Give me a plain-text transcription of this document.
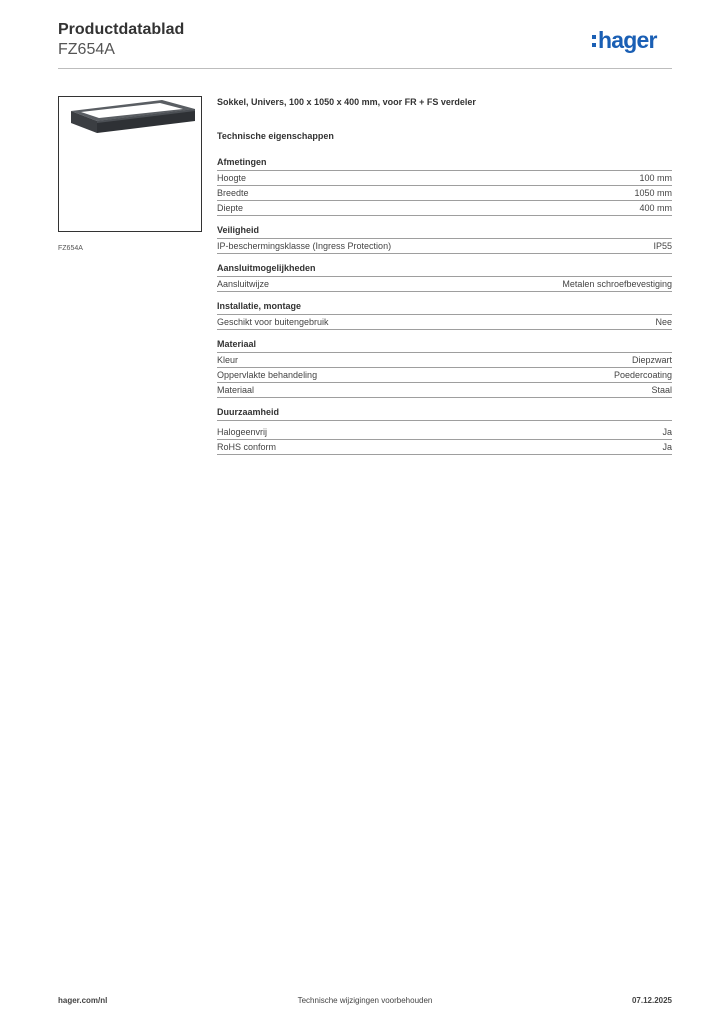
Productdatablad

FZ654A	hager
FZ654A

Sokkel, Univers, 100 x 1050 x 400 mm, voor FR + FS verdeler

Technische eigenschappen

Afmetingen
Hoogte	100 mm
Breedte	1050 mm
Diepte	400 mm
Veiligheid
IP-beschermingsklasse (Ingress Protection)	IP55
Aansluitmogelijkheden
Aansluitwijze	Metalen schroefbevestiging
Installatie, montage
Geschikt voor buitengebruik	Nee
Materiaal
Kleur	Diepzwart
Oppervlakte behandeling	Poedercoating
Materiaal	Staal
Duurzaamheid
Halogeenvrij	Ja
RoHS conform	Ja
hager.com/nl	Technische wijzigingen voorbehouden	07.12.2025
